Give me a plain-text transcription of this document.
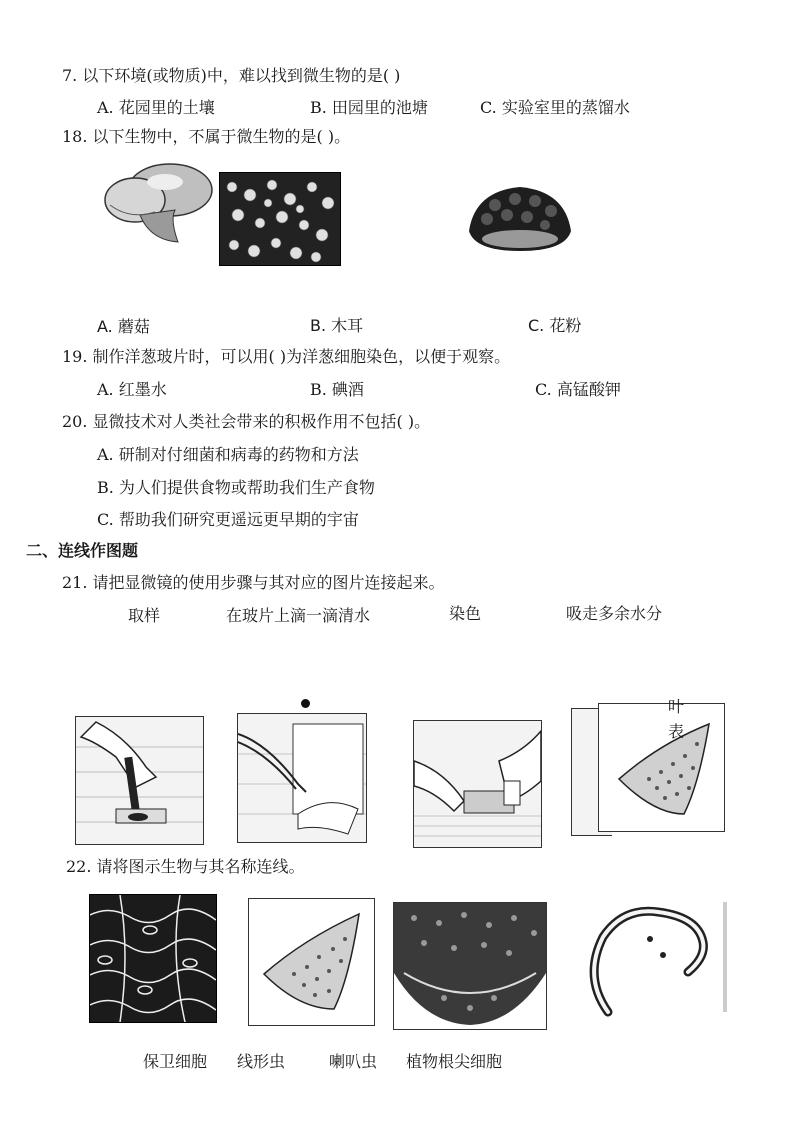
7. 以下环境(或物质)中，难以找到微生物的是( )
A. 花园里的土壤	B. 田园里的池塘	C. 实验室里的蒸馏水
18. 以下生物中，不属于微生物的是( )。
A. 蘑菇	B. 木耳	C. 花粉
19. 制作洋葱玻片时，可以用( )为洋葱细胞染色，以便于观察。
A. 红墨水	B. 碘酒	C. 高锰酸钾
20. 显微技术对人类社会带来的积极作用不包括( )。
A. 研制对付细菌和病毒的药物和方法
B. 为人们提供食物或帮助我们生产食物
C. 帮助我们研究更遥远更早期的宇宙
二、连线作图题
21. 请把显微镜的使用步骤与其对应的图片连接起来。
取样	在玻片上滴一滴清水	染色	吸走多余水分
叶
表
22. 请将图示生物与其名称连线。
保卫细胞 线形虫	喇叭虫 植物根尖细胞
